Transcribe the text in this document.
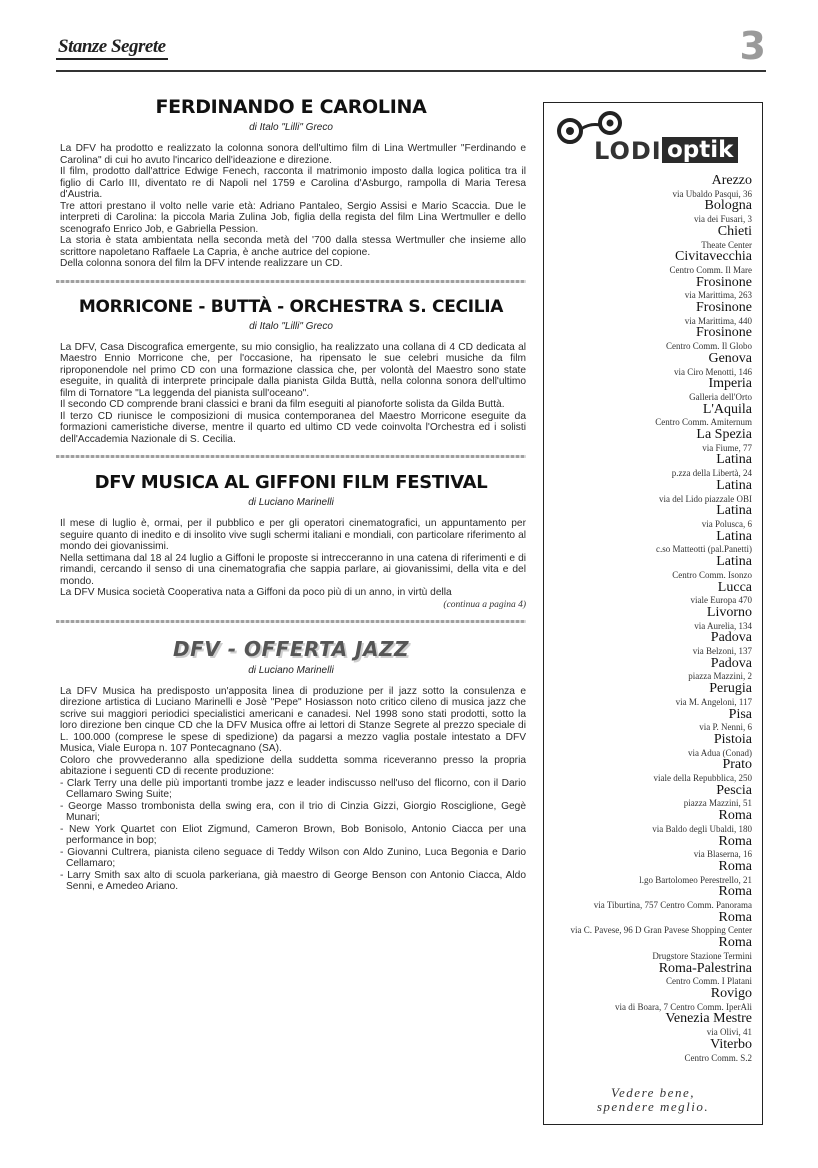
Stanze Segrete	3
FERDINANDO E CAROLINA
di Italo "Lilli" Greco

La DFV ha prodotto e realizzato la colonna sonora dell'ultimo film di Lina Wertmuller "Ferdinando e Carolina" di cui ho avuto l'incarico dell'ideazione e direzione.

Il film, prodotto dall'attrice Edwige Fenech, racconta il matrimonio imposto dalla logica politica tra il figlio di Carlo III, diventato re di Napoli nel 1759 e Carolina d'Asburgo, rampolla di Maria Teresa d'Austria.

Tre attori prestano il volto nelle varie età: Adriano Pantaleo, Sergio Assisi e Mario Scaccia. Due le interpreti di Carolina: la piccola Maria Zulina Job, figlia della regista del film Lina Wertmuller e dello scenografo Enrico Job, e Gabriella Pession.

La storia è stata ambientata nella seconda metà del '700 dalla stessa Wertmuller che insieme allo scrittore napoletano Raffaele La Capria, è anche autrice del copione.

Della colonna sonora del film la DFV intende realizzare un CD.

MORRICONE - BUTTÀ - ORCHESTRA S. CECILIA
di Italo "Lilli" Greco

La DFV, Casa Discografica emergente, su mio consiglio, ha realizzato una collana di 4 CD dedicata al Maestro Ennio Morricone che, per l'occasione, ha ripensato le sue celebri musiche da film riproponendole nel primo CD con una formazione classica che, per volontà del Maestro sono state eseguite, in qualità di interprete principale dalla pianista Gilda Buttà, nella colonna sonora dell'ultimo film di Tornatore "La leggenda del pianista sull'oceano".

Il secondo CD comprende brani classici e brani da film eseguiti al pianoforte solista da Gilda Buttà.

Il terzo CD riunisce le composizioni di musica contemporanea del Maestro Morricone eseguite da formazioni cameristiche diverse, mentre il quarto ed ultimo CD vede coinvolta l'Orchestra ed i solisti dell'Accademia Nazionale di S. Cecilia.

DFV MUSICA AL GIFFONI FILM FESTIVAL
di Luciano Marinelli

Il mese di luglio è, ormai, per il pubblico e per gli operatori cinematografici, un appuntamento per seguire quanto di inedito e di insolito vive sugli schermi italiani e mondiali, con particolare riferimento al mondo dei giovanissimi.

Nella settimana dal 18 al 24 luglio a Giffoni le proposte si intrecceranno in una catena di riferimenti e di rimandi, cercando il senso di una cinematografia che sappia parlare, ai giovanissimi, della vita e del mondo.

La DFV Musica società Cooperativa nata a Giffoni da poco più di un anno, in virtù della

(continua a pagina 4)
DFV - OFFERTA JAZZ
di Luciano Marinelli

La DFV Musica ha predisposto un'apposita linea di produzione per il jazz sotto la consulenza e direzione artistica di Luciano Marinelli e Josè "Pepe" Hosiasson noto critico cileno di musica jazz che scrive sui maggiori periodici specialistici americani e canadesi. Nel 1998 sono stati prodotti, sotto la loro direzione ben cinque CD che la DFV Musica offre ai lettori di Stanze Segrete al prezzo speciale di L. 100.000 (comprese le spese di spedizione) da pagarsi a mezzo vaglia postale intestato a DFV Musica, Viale Europa n. 107 Pontecagnano (SA).

Coloro che provvederanno alla spedizione della suddetta somma riceveranno presso la propria abitazione i seguenti CD di recente produzione:

- Clark Terry una delle più importanti trombe jazz e leader indiscusso nell'uso del flicorno, con il Dario Cellamaro Swing Suite;
- George Masso trombonista della swing era, con il trio di Cinzia Gizzi, Giorgio Rosciglione, Gegè Munari;
- New York Quartet con Eliot Zigmund, Cameron Brown, Bob Bonisolo, Antonio Ciacca per una performance in bop;
- Giovanni Cultrera, pianista cileno seguace di Teddy Wilson con Aldo Zunino, Luca Begonia e Dario Cellamaro;
- Larry Smith sax alto di scuola parkeriana, già maestro di George Benson con Antonio Ciacca, Aldo Senni, e Amedeo Ariano.
LODI optik
Arezzo
via Ubaldo Pasqui, 36
Bologna
via dei Fusari, 3
Chieti
Theate Center
Civitavecchia
Centro Comm. Il Mare
Frosinone
via Marittima, 263
Frosinone
via Marittima, 440
Frosinone
Centro Comm. Il Globo
Genova
via Ciro Menotti, 146
Imperia
Galleria dell'Orto
L'Aquila
Centro Comm. Amiternum
La Spezia
via Fiume, 77
Latina
p.zza della Libertà, 24
Latina
via del Lido piazzale OBI
Latina
via Polusca, 6
Latina
c.so Matteotti (pal.Panetti)
Latina
Centro Comm. Isonzo
Lucca
viale Europa 470
Livorno
via Aurelia, 134
Padova
via Belzoni, 137
Padova
piazza Mazzini, 2
Perugia
via M. Angeloni, 117
Pisa
via P. Nenni, 6
Pistoia
via Adua (Conad)
Prato
viale della Repubblica, 250
Pescia
piazza Mazzini, 51
Roma
via Baldo degli Ubaldi, 180
Roma
via Blaserna, 16
Roma
l.go Bartolomeo Perestrello, 21
Roma
via Tiburtina, 757 Centro Comm. Panorama
Roma
via C. Pavese, 96 D Gran Pavese Shopping Center
Roma
Drugstore Stazione Termini
Roma-Palestrina
Centro Comm. I Platani
Rovigo
via di Boara, 7 Centro Comm. IperAli
Venezia Mestre
via Olivi, 41
Viterbo
Centro Comm. S.2
Vedere bene,
spendere meglio.
